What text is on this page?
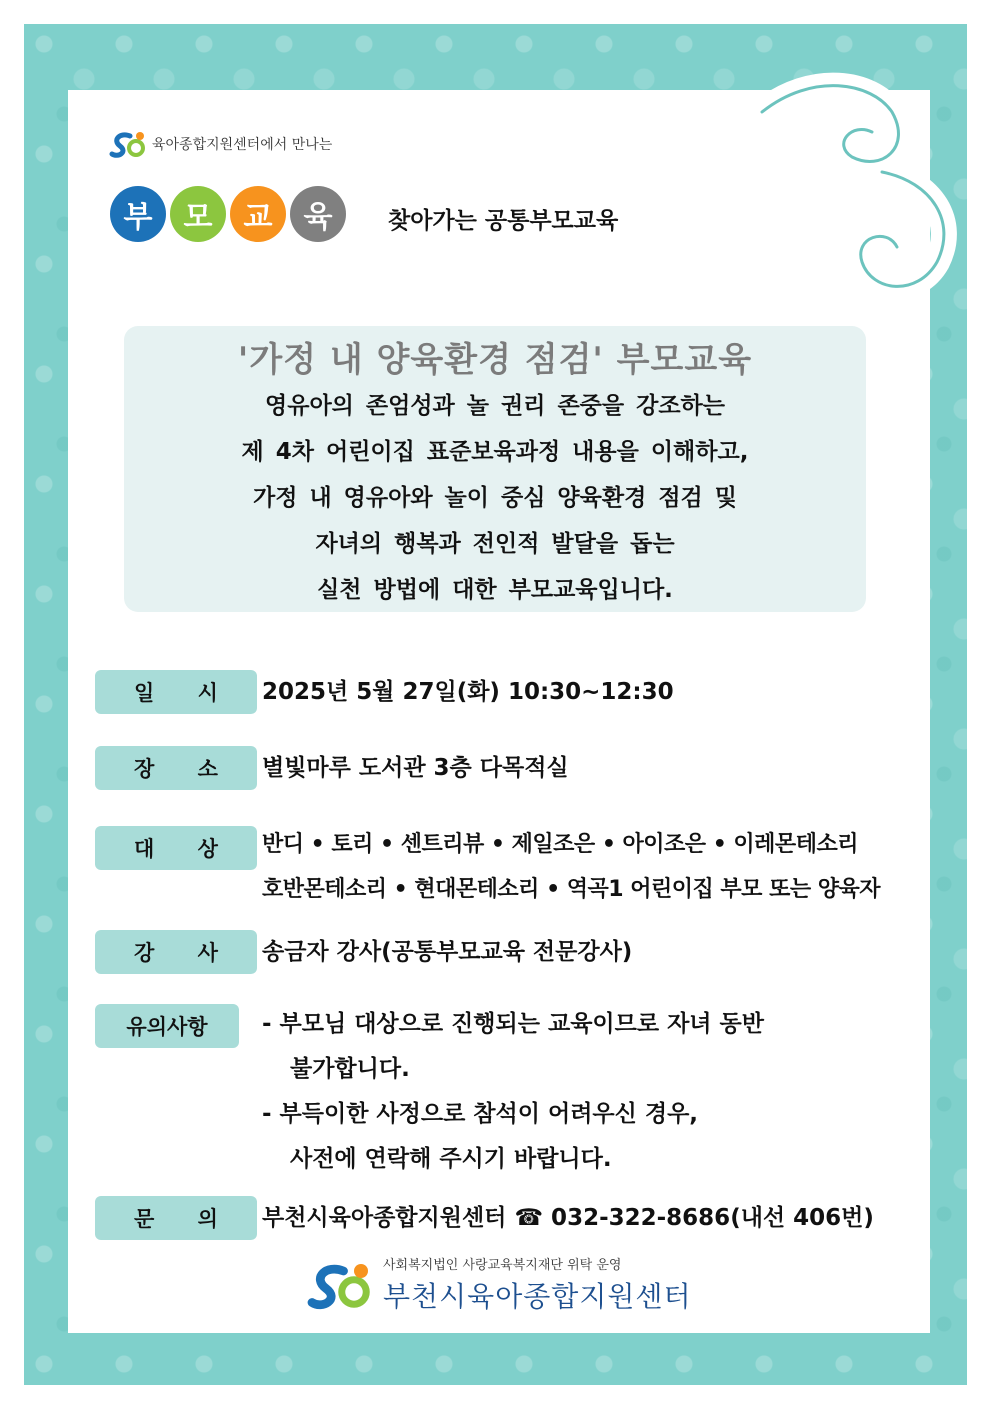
육아종합지원센터에서 만나는
부	모	교	육	찾아가는 공통부모교육
'가정 내 양육환경 점검' 부모교육
영유아의 존엄성과 놀 권리 존중을 강조하는
제 4차 어린이집 표준보육과정 내용을 이해하고,
가정 내 영유아와 놀이 중심 양육환경 점검 및
자녀의 행복과 전인적 발달을 돕는
실천 방법에 대한 부모교육입니다.
일 시	2025년 5월 27일(화) 10:30~12:30
장 소	별빛마루 도서관 3층 다목적실
대 상	반디 • 토리 • 센트리뷰 • 제일조은 • 아이조은 • 이레몬테소리
호반몬테소리 • 현대몬테소리 • 역곡1 어린이집 부모 또는 양육자
강 사	송금자 강사(공통부모교육 전문강사)
유의사항	- 부모님 대상으로 진행되는 교육이므로 자녀 동반
불가합니다.
- 부득이한 사정으로 참석이 어려우신 경우,
사전에 연락해 주시기 바랍니다.
문 의	부천시육아종합지원센터 ☎ 032-322-8686(내선 406번)
사회복지법인 사랑교육복지재단 위탁 운영
부천시육아종합지원센터
